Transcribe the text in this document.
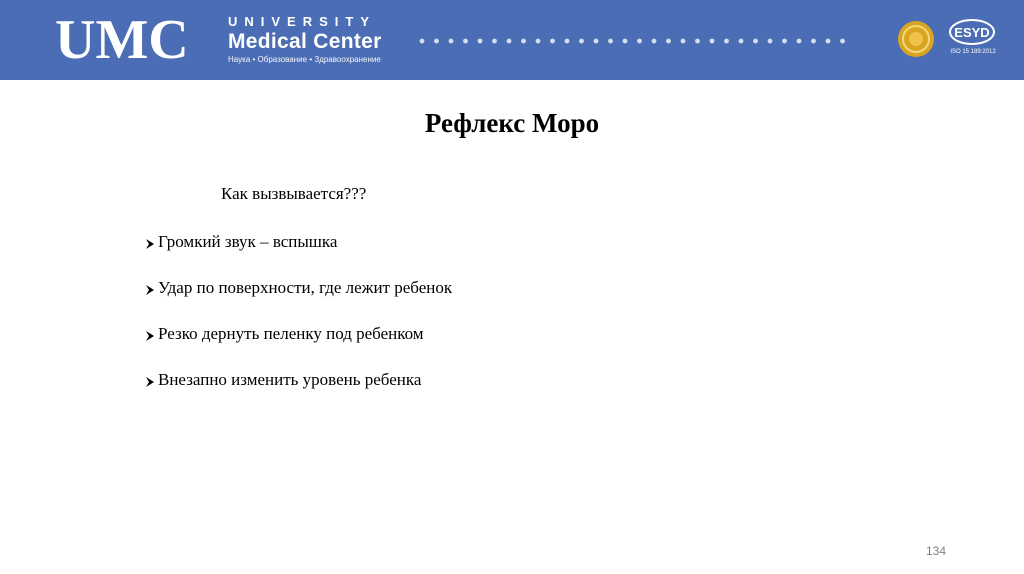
UMC	UNIVERSITY
Medical Center
Наука • Образование • Здравоохранение
ESYD
ISO 15 189:2012
Рефлекс Моро
Как вызвывается???
Громкий звук – вспышка
Удар по поверхности, где лежит ребенок
Резко дернуть пеленку под ребенком
Внезапно изменить уровень ребенка
134
